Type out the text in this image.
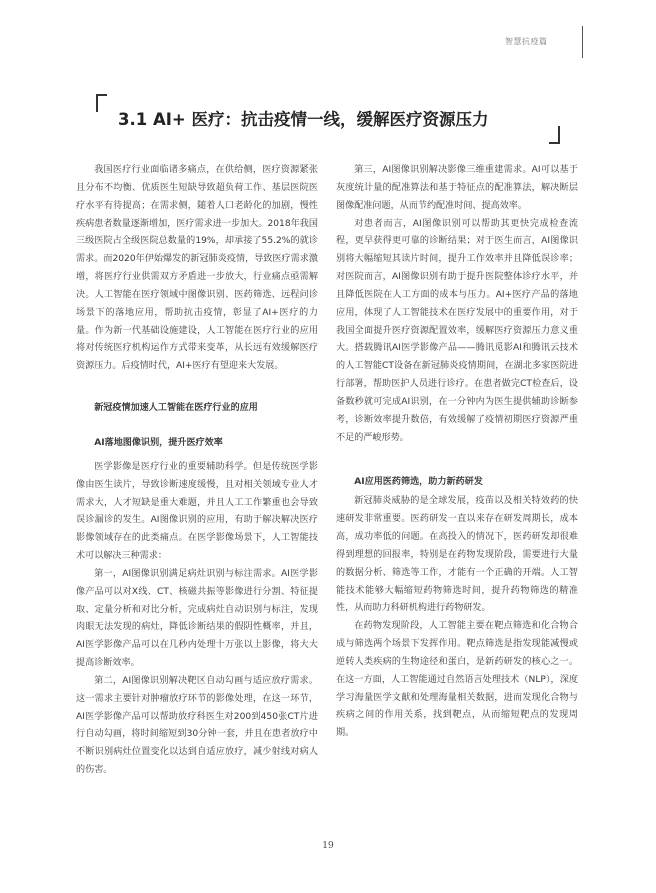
智慧抗疫篇
3.1 AI+ 医疗：抗击疫情一线，缓解医疗资源压力

我国医疗行业面临诸多痛点，在供给侧，医疗资源紧张且分布不均衡、优质医生短缺导致超负荷工作、基层医院医疗水平有待提高；在需求侧，随着人口老龄化的加剧，慢性疾病患者数量逐渐增加，医疗需求进一步加大。2018年我国三级医院占全级医院总数量的19%，却承接了55.2%的就诊需求。而2020年伊始爆发的新冠肺炎疫情，导致医疗需求激增，将医疗行业供需双方矛盾进一步放大，行业痛点亟需解决。人工智能在医疗领域中图像识别、医药筛选、远程问诊场景下的落地应用，帮助抗击疫情，彰显了AI+医疗的力量。作为新一代基础设施建设，人工智能在医疗行业的应用将对传统医疗机构运作方式带来变革，从长远有效缓解医疗资源压力。后疫情时代，AI+医疗有望迎来大发展。

新冠疫情加速人工智能在医疗行业的应用

AI落地图像识别，提升医疗效率

医学影像是医疗行业的重要辅助科学。但是传统医学影像由医生读片，导致诊断速度缓慢，且对相关领域专业人才需求大，人才短缺是重大难题，并且人工工作繁重也会导致误诊漏诊的发生。AI图像识别的应用，有助于解决解决医疗影像领域存在的此类痛点。在医学影像场景下，人工智能技术可以解决三种需求：

第一，AI图像识别满足病灶识别与标注需求。AI医学影像产品可以对X线、CT、核磁共振等影像进行分割、特征提取、定量分析和对比分析，完成病灶自动识别与标注，发现肉眼无法发现的病灶，降低诊断结果的假阴性概率，并且，AI医学影像产品可以在几秒内处理十万张以上影像，将大大提高诊断效率。

第二，AI图像识别解决靶区自动勾画与适应放疗需求。这一需求主要针对肿瘤放疗环节的影像处理，在这一环节，AI医学影像产品可以帮助放疗科医生对200到450张CT片进行自动勾画，将时间缩短到30分钟一套，并且在患者放疗中不断识别病灶位置变化以达到自适应放疗，减少射线对病人的伤害。

第三，AI图像识别解决影像三维重建需求。AI可以基于灰度统计量的配准算法和基于特征点的配准算法，解决断层图像配准问题，从而节约配准时间、提高效率。

对患者而言，AI图像识别可以帮助其更快完成检查流程，更早获得更可靠的诊断结果；对于医生而言，AI图像识别将大幅缩短其读片时间，提升工作效率并且降低误诊率；对医院而言，AI图像识别有助于提升医院整体诊疗水平，并且降低医院在人工方面的成本与压力。AI+医疗产品的落地应用，体现了人工智能技术在医疗发展中的重要作用，对于我国全面提升医疗资源配置效率，缓解医疗资源压力意义重大。搭载腾讯AI医学影像产品——腾讯觅影AI和腾讯云技术的人工智能CT设备在新冠肺炎疫情期间，在湖北多家医院进行部署，帮助医护人员进行诊疗。在患者做完CT检查后，设备数秒就可完成AI识别，在一分钟内为医生提供辅助诊断参考，诊断效率提升数倍，有效缓解了疫情初期医疗资源严重不足的严峻形势。

AI应用医药筛选，助力新药研发

新冠肺炎威胁的是全球发展，疫苗以及相关特效药的快速研发非常重要。医药研发一直以来存在研发周期长，成本高，成功率低的问题。在高投入的情况下，医药研发却很难得到理想的回报率，特别是在药物发现阶段，需要进行大量的数据分析、筛选等工作，才能有一个正确的开端。人工智能技术能够大幅缩短药物筛选时间，提升药物筛选的精准性，从而助力科研机构进行药物研发。

在药物发现阶段，人工智能主要在靶点筛选和化合物合成与筛选两个场景下发挥作用。靶点筛选是指发现能减慢或逆转人类疾病的生物途径和蛋白，是新药研发的核心之一。在这一方面，人工智能通过自然语言处理技术（NLP），深度学习海量医学文献和处理海量相关数据，进而发现化合物与疾病之间的作用关系，找到靶点，从而缩短靶点的发现周期。

19
